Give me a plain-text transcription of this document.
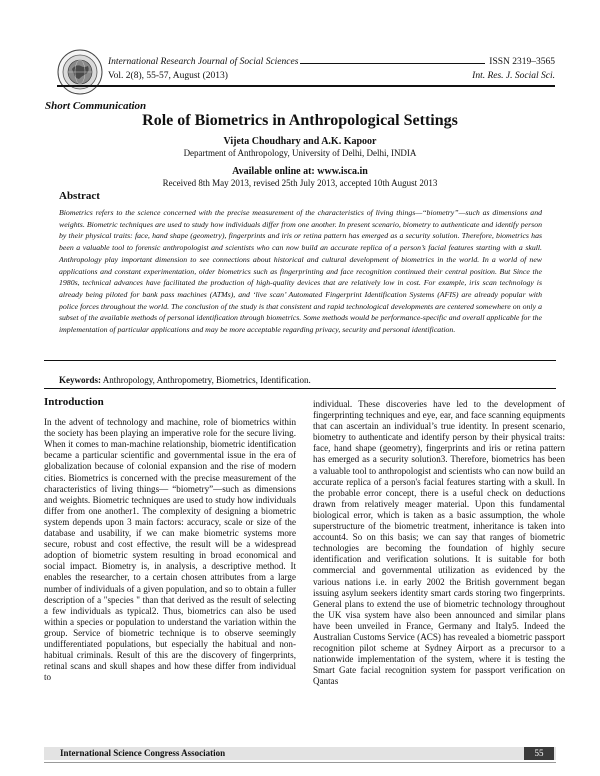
International Research Journal of Social Sciences	ISSN 2319–3565
Vol. 2(8), 55-57, August (2013)	Int. Res. J. Social Sci.
Short Communication
Role of Biometrics in Anthropological Settings
Vijeta Choudhary and A.K. Kapoor
Department of Anthropology, University of Delhi, Delhi, INDIA
Available online at: www.isca.in
Received 8th May 2013, revised 25th July 2013, accepted 10th August 2013
Abstract
Biometrics refers to the science concerned with the precise measurement of the characteristics of living things—“biometry”—such as dimensions and weights. Biometric techniques are used to study how individuals differ from one another. In present scenario, biometry to authenticate and identify person by their physical traits: face, hand shape (geometry), fingerprints and iris or retina pattern has emerged as a security solution. Therefore, biometrics has been a valuable tool to forensic anthropologist and scientists who can now build an accurate replica of a person’s facial features starting with a skull. Anthropology play important dimension to see connections about historical and cultural development of biometrics in the world. In a world of new applications and constant experimentation, older biometrics such as fingerprinting and face recognition continued their central position. But Since the 1980s, technical advances have facilitated the production of high-quality devices that are relatively low in cost. For example, iris scan technology is already being piloted for bank pass machines (ATMs), and ‘live scan’ Automated Fingerprint Identification Systems (AFIS) are already popular with police forces throughout the world. The conclusion of the study is that consistent and rapid technological developments are centered somewhere on only a subset of the available methods of personal identification through biometrics. Some methods would be performance-specific and overall applicable for the implementation of particular applications and may be more acceptable regarding privacy, security and personal identification.
Keywords: Anthropology, Anthropometry, Biometrics, Identification.
Introduction

In the advent of technology and machine, role of biometrics within the society has been playing an imperative role for the secure living. When it comes to man-machine relationship, biometric identification became a particular scientific and governmental issue in the era of globalization because of colonial expansion and the rise of modern cities. Biometrics is concerned with the precise measurement of the characteristics of living things— “biometry”—such as dimensions and weights. Biometric techniques are used to study how individuals differ from one another1. The complexity of designing a biometric system depends upon 3 main factors: accuracy, scale or size of the database and usability, if we can make biometric systems more secure, robust and cost effective, the result will be a widespread adoption of biometric system resulting in broad economical and social impact. Biometry is, in analysis, a descriptive method. It enables the researcher, to a certain chosen attributes from a large number of individuals of a given population, and so to obtain a fuller description of a "species " than that derived as the result of selecting a few individuals as typical2. Thus, biometrics can also be used within a species or population to understand the variation within the group. Service of biometric technique is to observe seemingly undifferentiated populations, but especially the habitual and non-habitual criminals. Result of this are the discovery of fingerprints, retinal scans and skull shapes and how these differ from individual to

individual. These discoveries have led to the development of fingerprinting techniques and eye, ear, and face scanning equipments that can ascertain an individual’s true identity. In present scenario, biometry to authenticate and identify person by their physical traits: face, hand shape (geometry), fingerprints and iris or retina pattern has emerged as a security solution3. Therefore, biometrics has been a valuable tool to anthropologist and scientists who can now build an accurate replica of a person's facial features starting with a skull. In the probable error concept, there is a useful check on deductions drawn from relatively meager material. Upon this fundamental biological error, which is taken as a basic assumption, the whole superstructure of the biometric treatment, inheritance is taken into account4. So on this basis; we can say that ranges of biometric technologies are becoming the foundation of highly secure identification and verification solutions. It is suitable for both commercial and governmental utilization as evidenced by the various nations i.e. in early 2002 the British government began issuing asylum seekers identity smart cards storing two fingerprints. General plans to extend the use of biometric technology throughout the UK visa system have also been announced and similar plans have been unveiled in France, Germany and Italy5. Indeed the Australian Customs Service (ACS) has revealed a biometric passport recognition pilot scheme at Sydney Airport as a precursor to a nationwide implementation of the system, where it is testing the Smart Gate facial recognition system for passport verification on Qantas

International Science Congress Association	55
